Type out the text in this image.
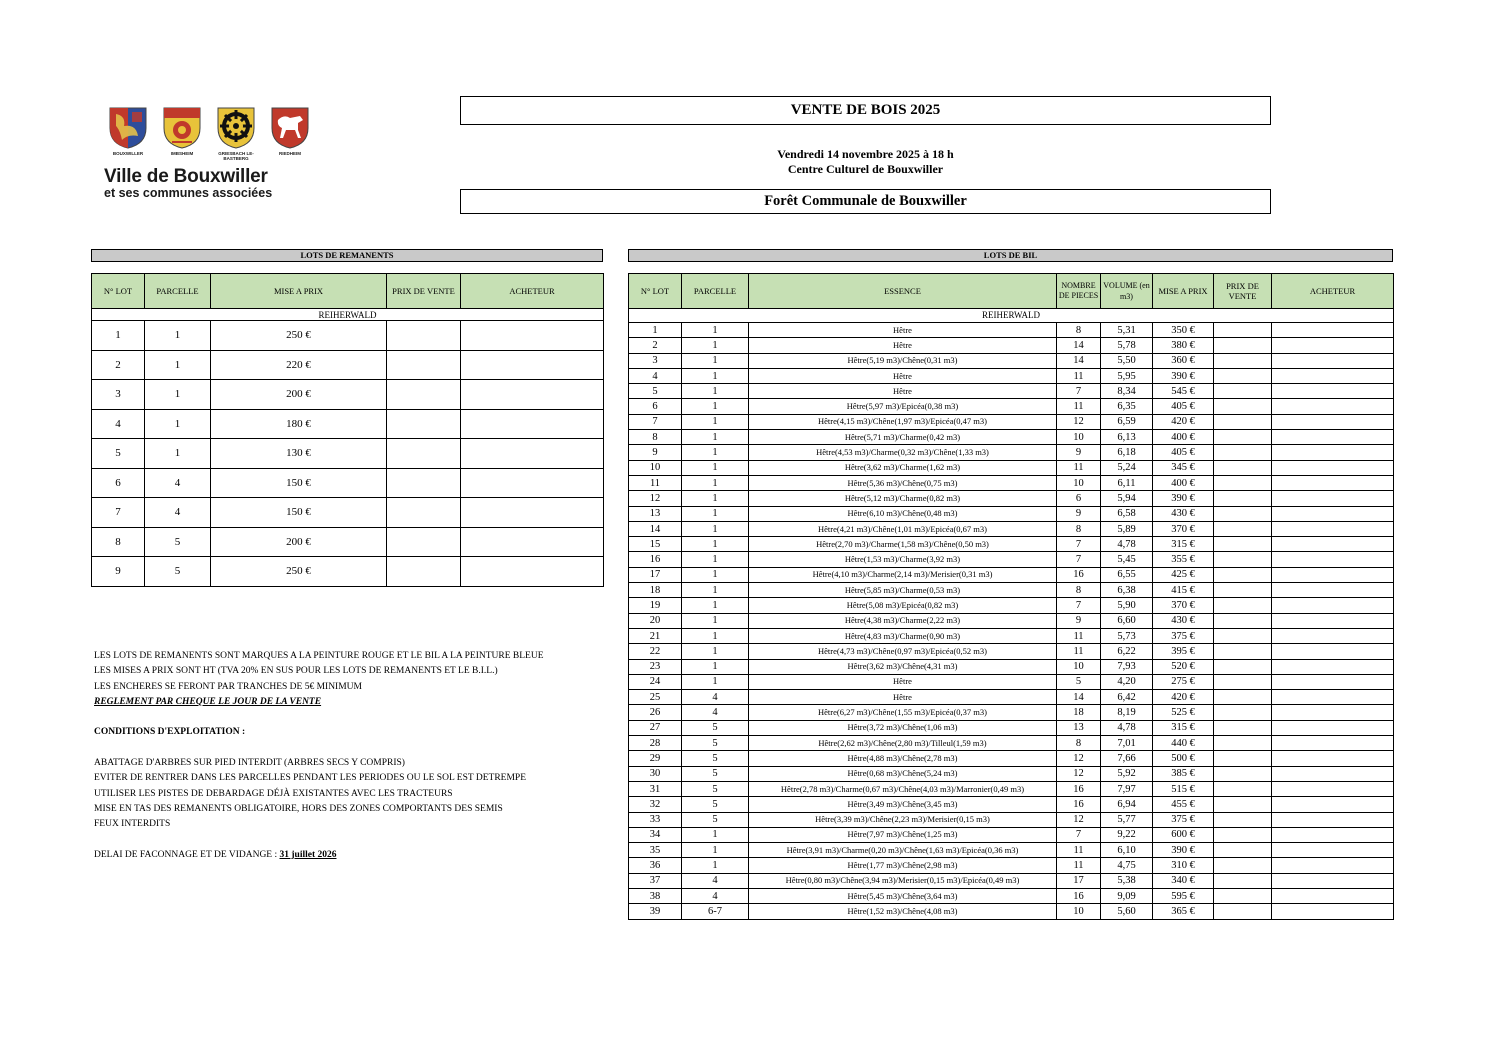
BOUXWILLER	IMBSHEIM	GRIESBACH LE-BASTBERG
RIEDHEIM
Ville de Bouxwiller
et ses communes associées
VENTE DE BOIS 2025
Vendredi 14 novembre 2025 à 18 h
Centre Culturel de Bouxwiller
Forêt Communale de Bouxwiller
LOTS DE REMANENTS
N° LOT	PARCELLE	MISE A PRIX	PRIX DE VENTE	ACHETEUR
REIHERWALD				
1	1	250 €		
2	1	220 €		
3	1	200 €		
4	1	180 €		
5	1	130 €		
6	4	150 €		
7	4	150 €		
8	5	200 €		
9	5	250 €		
LOTS DE BIL
N° LOT	PARCELLE	ESSENCE	NOMBRE DE PIECES	VOLUME (en m3)	MISE A PRIX	PRIX DE VENTE	ACHETEUR
REIHERWALD							
1	1	Hêtre	8	5,31	350 €		
2	1	Hêtre	14	5,78	380 €		
3	1	Hêtre(5,19 m3)/Chêne(0,31 m3)	14	5,50	360 €		
4	1	Hêtre	11	5,95	390 €		
5	1	Hêtre	7	8,34	545 €		
6	1	Hêtre(5,97 m3)/Epicéa(0,38 m3)	11	6,35	405 €		
7	1	Hêtre(4,15 m3)/Chêne(1,97 m3)/Epicéa(0,47 m3)	12	6,59	420 €		
8	1	Hêtre(5,71 m3)/Charme(0,42 m3)	10	6,13	400 €		
9	1	Hêtre(4,53 m3)/Charme(0,32 m3)/Chêne(1,33 m3)	9	6,18	405 €		
10	1	Hêtre(3,62 m3)/Charme(1,62 m3)	11	5,24	345 €		
11	1	Hêtre(5,36 m3)/Chêne(0,75 m3)	10	6,11	400 €		
12	1	Hêtre(5,12 m3)/Charme(0,82 m3)	6	5,94	390 €		
13	1	Hêtre(6,10 m3)/Chêne(0,48 m3)	9	6,58	430 €		
14	1	Hêtre(4,21 m3)/Chêne(1,01 m3)/Epicéa(0,67 m3)	8	5,89	370 €		
15	1	Hêtre(2,70 m3)/Charme(1,58 m3)/Chêne(0,50 m3)	7	4,78	315 €		
16	1	Hêtre(1,53 m3)/Charme(3,92 m3)	7	5,45	355 €		
17	1	Hêtre(4,10 m3)/Charme(2,14 m3)/Merisier(0,31 m3)	16	6,55	425 €		
18	1	Hêtre(5,85 m3)/Charme(0,53 m3)	8	6,38	415 €		
19	1	Hêtre(5,08 m3)/Epicéa(0,82 m3)	7	5,90	370 €		
20	1	Hêtre(4,38 m3)/Charme(2,22 m3)	9	6,60	430 €		
21	1	Hêtre(4,83 m3)/Charme(0,90 m3)	11	5,73	375 €		
22	1	Hêtre(4,73 m3)/Chêne(0,97 m3)/Epicéa(0,52 m3)	11	6,22	395 €		
23	1	Hêtre(3,62 m3)/Chêne(4,31 m3)	10	7,93	520 €		
24	1	Hêtre	5	4,20	275 €		
25	4	Hêtre	14	6,42	420 €		
26	4	Hêtre(6,27 m3)/Chêne(1,55 m3)/Epicéa(0,37 m3)	18	8,19	525 €		
27	5	Hêtre(3,72 m3)/Chêne(1,06 m3)	13	4,78	315 €		
28	5	Hêtre(2,62 m3)/Chêne(2,80 m3)/Tilleul(1,59 m3)	8	7,01	440 €		
29	5	Hêtre(4,88 m3)/Chêne(2,78 m3)	12	7,66	500 €		
30	5	Hêtre(0,68 m3)/Chêne(5,24 m3)	12	5,92	385 €		
31	5	Hêtre(2,78 m3)/Charme(0,67 m3)/Chêne(4,03 m3)/Marronier(0,49 m3)	16	7,97	515 €		
32	5	Hêtre(3,49 m3)/Chêne(3,45 m3)	16	6,94	455 €		
33	5	Hêtre(3,39 m3)/Chêne(2,23 m3)/Merisier(0,15 m3)	12	5,77	375 €		
34	1	Hêtre(7,97 m3)/Chêne(1,25 m3)	7	9,22	600 €		
35	1	Hêtre(3,91 m3)/Charme(0,20 m3)/Chêne(1,63 m3)/Epicéa(0,36 m3)	11	6,10	390 €		
36	1	Hêtre(1,77 m3)/Chêne(2,98 m3)	11	4,75	310 €		
37	4	Hêtre(0,80 m3)/Chêne(3,94 m3)/Merisier(0,15 m3)/Epicéa(0,49 m3)	17	5,38	340 €		
38	4	Hêtre(5,45 m3)/Chêne(3,64 m3)	16	9,09	595 €		
39	6-7	Hêtre(1,52 m3)/Chêne(4,08 m3)	10	5,60	365 €		

LES LOTS DE REMANENTS SONT MARQUES A LA PEINTURE ROUGE ET LE BIL A LA PEINTURE BLEUE

LES MISES A PRIX SONT HT (TVA 20% EN SUS POUR LES LOTS DE REMANENTS ET LE B.I.L.)

LES ENCHERES SE FERONT PAR TRANCHES DE 5€ MINIMUM

REGLEMENT PAR CHEQUE LE JOUR DE LA VENTE

CONDITIONS D'EXPLOITATION :

ABATTAGE D'ARBRES SUR PIED INTERDIT (ARBRES SECS Y COMPRIS)

EVITER DE RENTRER DANS LES PARCELLES PENDANT LES PERIODES OU LE SOL EST DETREMPE

UTILISER LES PISTES DE DEBARDAGE DÉJÀ EXISTANTES AVEC LES TRACTEURS

MISE EN TAS DES REMANENTS OBLIGATOIRE, HORS DES ZONES COMPORTANTS DES SEMIS

FEUX INTERDITS

DELAI DE FACONNAGE ET DE VIDANGE : 31 juillet 2026
